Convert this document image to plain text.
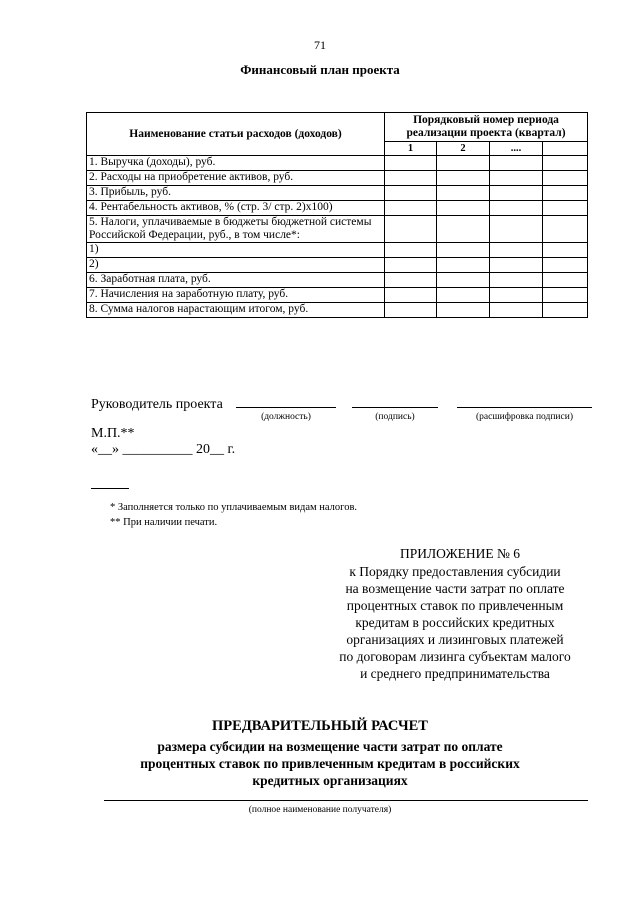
71
Финансовый план проекта
Наименование статьи расходов (доходов)	Порядковый номер периода реализации проекта (квартал)			
	1	2	....	
1. Выручка (доходы), руб.				
2. Расходы на приобретение активов, руб.				
3. Прибыль, руб.				
4. Рентабельность активов, % (стр. 3/ стр. 2)x100)				
5. Налоги, уплачиваемые в бюджеты бюджетной системы Российской Федерации, руб., в том числе*:				
1)				
2)				
6. Заработная плата, руб.				
7. Начисления на заработную плату, руб.				
8. Сумма налогов нарастающим итогом, руб.				
Руководитель проекта
(должность)	(подпись)	(расшифровка подписи)
М.П.**
«__» __________ 20__ г.
* Заполняется только по уплачиваемым видам налогов.
** При наличии печати.
ПРИЛОЖЕНИЕ № 6
к Порядку предоставления субсидии
на возмещение части затрат по оплате
процентных ставок по привлеченным
кредитам в российских кредитных
организациях и лизинговых платежей
по договорам лизинга субъектам малого
и среднего предпринимательства
ПРЕДВАРИТЕЛЬНЫЙ РАСЧЕТ
размера субсидии на возмещение части затрат по оплате
процентных ставок по привлеченным кредитам в российских
кредитных организациях
(полное наименование получателя)
